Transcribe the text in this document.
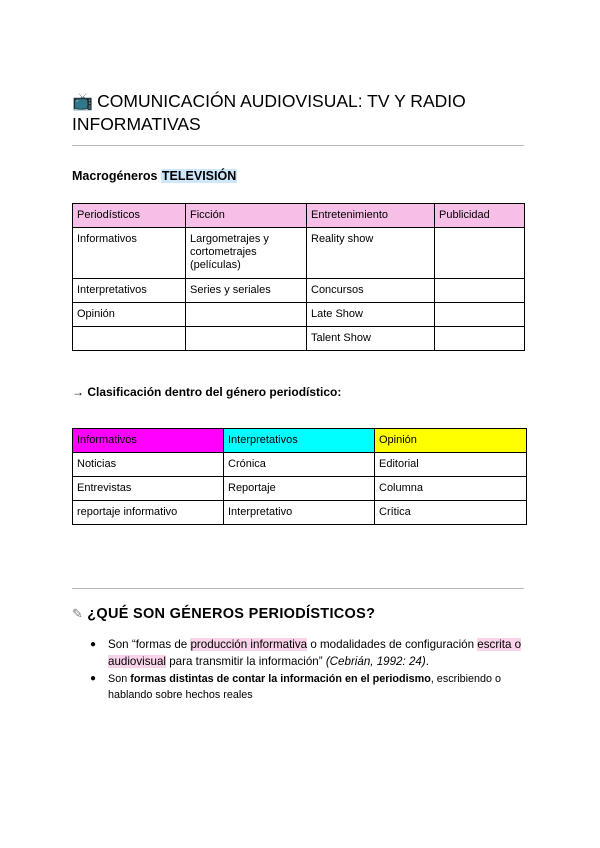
📺 COMUNICACIÓN AUDIOVISUAL: TV Y RADIO INFORMATIVAS
Macrogéneros TELEVISIÓN
Periodísticos	Ficción	Entretenimiento	Publicidad
Informativos	Largometrajes y cortometrajes (películas)	Reality show	
Interpretativos	Series y seriales	Concursos	
Opinión		Late Show	
		Talent Show	
→ Clasificación dentro del género periodístico:
Informativos	Interpretativos	Opinión
Noticias	Crónica	Editorial
Entrevistas	Reportaje	Columna
reportaje informativo	Interpretativo	Crítica
✎ ¿QUÉ SON GÉNEROS PERIODÍSTICOS?
● Son “formas de producción informativa o modalidades de configuración escrita o audiovisual para transmitir la información” (Cebrián, 1992: 24).
● Son formas distintas de contar la información en el periodismo, escribiendo o hablando sobre hechos reales
